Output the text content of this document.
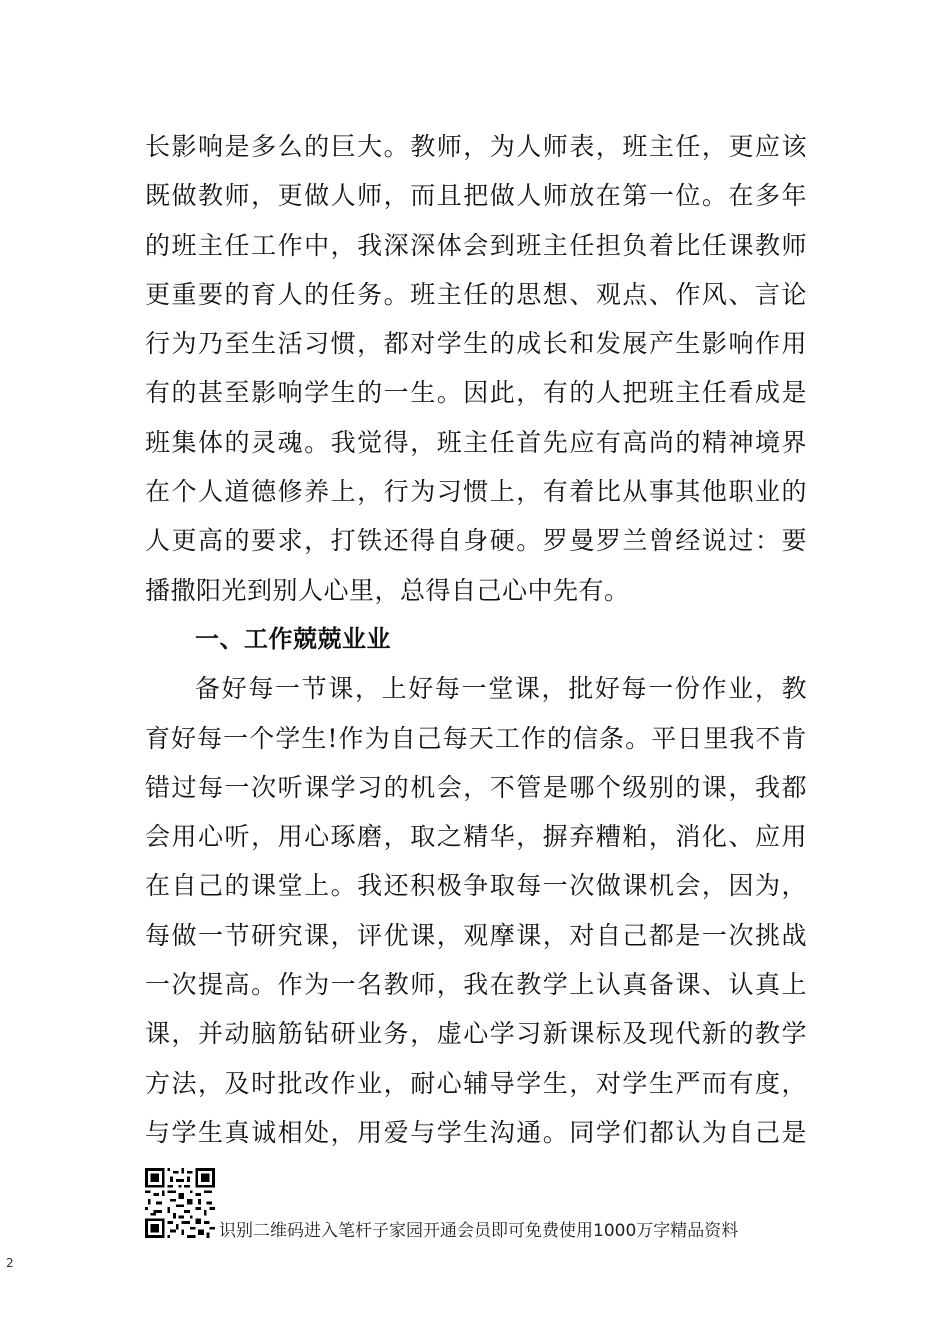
长影响是多么的巨大。教师，为人师表，班主任，更应该
既做教师，更做人师，而且把做人师放在第一位。在多年
的班主任工作中，我深深体会到班主任担负着比任课教师
更重要的育人的任务。班主任的思想、观点、作风、言论
行为乃至生活习惯，都对学生的成长和发展产生影响作用
有的甚至影响学生的一生。因此，有的人把班主任看成是
班集体的灵魂。我觉得，班主任首先应有高尚的精神境界
在个人道德修养上，行为习惯上，有着比从事其他职业的
人更高的要求，打铁还得自身硬。罗曼罗兰曾经说过：要
播撒阳光到别人心里，总得自己心中先有。
一、工作兢兢业业
备好每一节课，上好每一堂课，批好每一份作业，教
育好每一个学生!作为自己每天工作的信条。平日里我不肯
错过每一次听课学习的机会，不管是哪个级别的课，我都
会用心听，用心琢磨，取之精华，摒弃糟粕，消化、应用
在自己的课堂上。我还积极争取每一次做课机会，因为，
每做一节研究课，评优课，观摩课，对自己都是一次挑战
一次提高。作为一名教师，我在教学上认真备课、认真上
课，并动脑筋钻研业务，虚心学习新课标及现代新的教学
方法，及时批改作业，耐心辅导学生，对学生严而有度，
与学生真诚相处，用爱与学生沟通。同学们都认为自己是
识别二维码进入笔杆子家园开通会员即可免费使用1000万字精品资料
2
